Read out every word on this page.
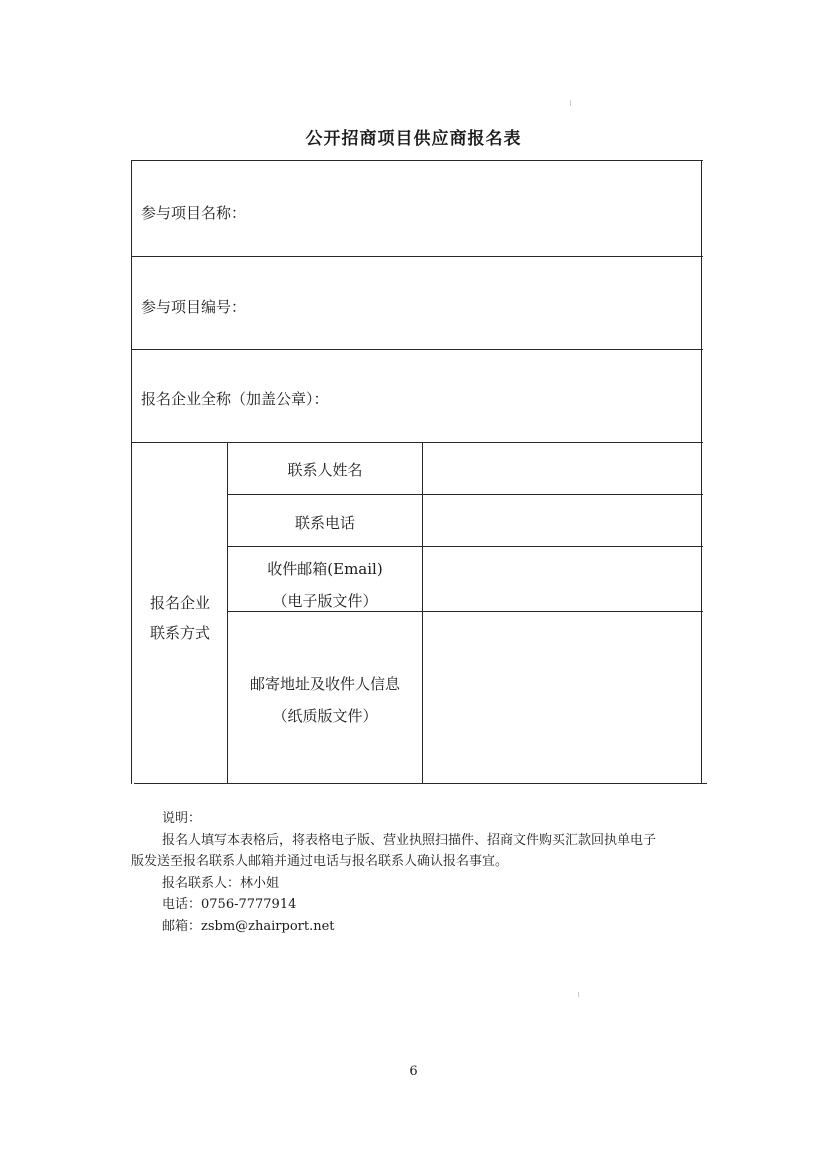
公开招商项目供应商报名表
参与项目名称：
参与项目编号：
报名企业全称（加盖公章）：
报名企业
联系方式
联系人姓名
联系电话
收件邮箱(Email)
（电子版文件）
邮寄地址及收件人信息
（纸质版文件）
说明：
报名人填写本表格后，将表格电子版、营业执照扫描件、招商文件购买汇款回执单电子
版发送至报名联系人邮箱并通过电话与报名联系人确认报名事宜。
报名联系人：林小姐
电话：0756-7777914
邮箱：zsbm@zhairport.net
6
